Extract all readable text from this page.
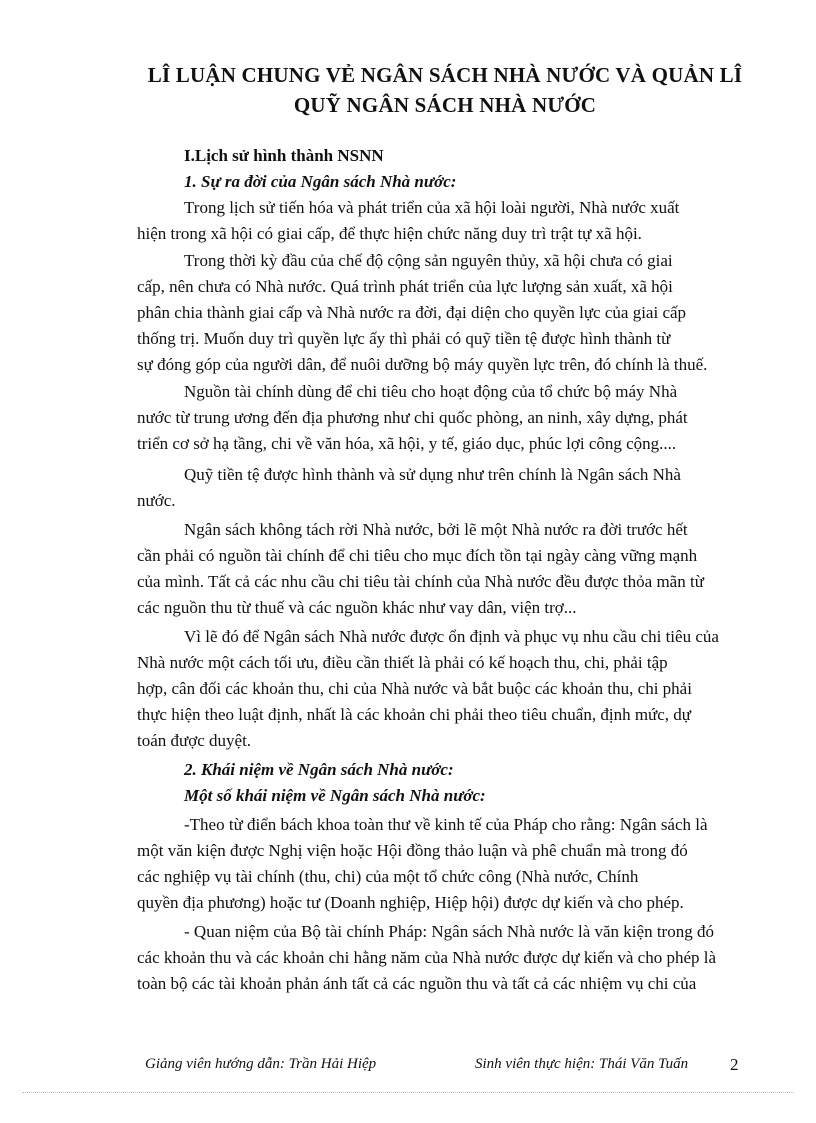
LÎ LUẬN CHUNG VẺ NGÂN SÁCH NHÀ NƯỚC VÀ QUẢN LÎ
QUỸ NGÂN SÁCH NHÀ NƯỚC
I.Lịch sử hình thành NSNN
1. Sự ra đời của Ngân sách Nhà nước:
Trong lịch sử tiến hóa và phát triển của xã hội loài người, Nhà nước xuất
hiện trong xã hội có giai cấp, để thực hiện chức năng duy trì trật tự xã hội.
Trong thời kỳ đầu của chế độ cộng sản nguyên thủy, xã hội chưa có giai
cấp, nên chưa có Nhà nước. Quá trình phát triển của lực lượng sản xuất, xã hội
phân chia thành giai cấp và Nhà nước ra đời, đại diện cho quyền lực của giai cấp
thống trị. Muốn duy trì quyền lực ấy thì phải có quỹ tiền tệ được hình thành từ
sự đóng góp của người dân, để nuôi dưỡng bộ máy quyền lực trên, đó chính là thuế.
Nguồn tài chính dùng để chi tiêu cho hoạt động của tổ chức bộ máy Nhà
nước từ trung ương đến địa phương như chi quốc phòng, an ninh, xây dựng, phát
triển cơ sở hạ tầng, chi về văn hóa, xã hội, y tế, giáo dục, phúc lợi công cộng....
Quỹ tiền tệ được hình thành và sử dụng như trên chính là Ngân sách Nhà
nước.
Ngân sách không tách rời Nhà nước, bởi lẽ một Nhà nước ra đời trước hết
cần phải có nguồn tài chính để chi tiêu cho mục đích tồn tại ngày càng vững mạnh
của mình. Tất cả các nhu cầu chi tiêu tài chính của Nhà nước đều được thỏa mãn từ
các nguồn thu từ thuế và các nguồn khác như vay dân, viện trợ...
Vì lẽ đó để Ngân sách Nhà nước được ổn định và phục vụ nhu cầu chi tiêu của
Nhà nước một cách tối ưu, điều cần thiết là phải có kế hoạch thu, chi, phải tập
hợp, cân đối các khoản thu, chi của Nhà nước và bắt buộc các khoản thu, chi phải
thực hiện theo luật định, nhất là các khoản chi phải theo tiêu chuẩn, định mức, dự
toán được duyệt.
2. Khái niệm về Ngân sách Nhà nước:
Một số khái niệm về Ngân sách Nhà nước:
-Theo từ điển bách khoa toàn thư về kinh tế của Pháp cho rằng: Ngân sách là
một văn kiện được Nghị viện hoặc Hội đồng thảo luận và phê chuẩn mà trong đó
các nghiệp vụ tài chính (thu, chi) của một tổ chức công (Nhà nước, Chính
quyền địa phương) hoặc tư (Doanh nghiệp, Hiệp hội) được dự kiến và cho phép.
- Quan niệm của Bộ tài chính Pháp: Ngân sách Nhà nước là văn kiện trong đó
các khoản thu và các khoản chi hằng năm của Nhà nước được dự kiến và cho phép là
toàn bộ các tài khoản phản ánh tất cả các nguồn thu và tất cả các nhiệm vụ chi của
Giảng viên hướng dẫn: Trần Hải Hiệp	Sinh viên thực hiện: Thái Văn Tuấn 2
